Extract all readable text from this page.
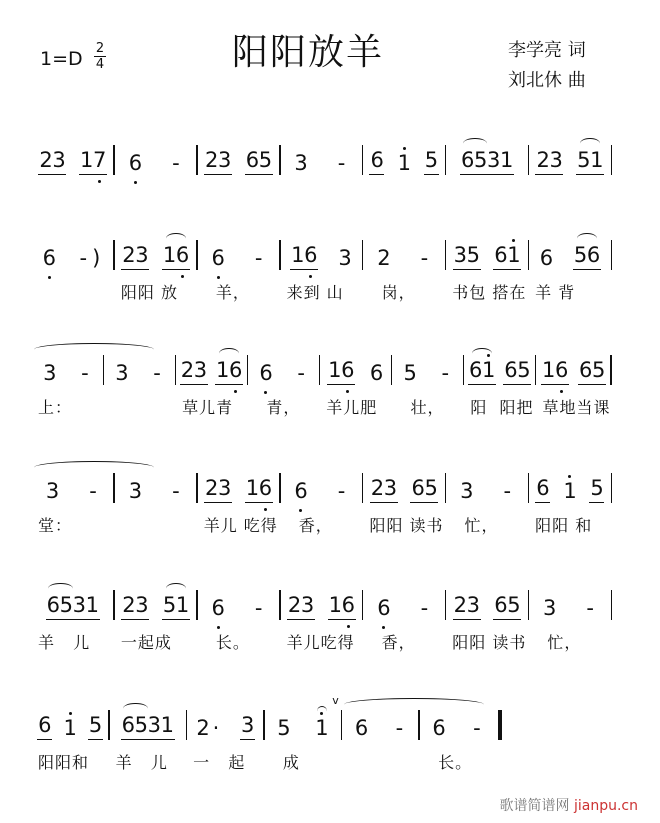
1=D 2
4	阳阳放羊	李学亮 词
刘北休 曲
2 3 1 7 6 - 2 3 6 5 3 - 6 1 5 6 5 3 1 2 3 5 1
6 - ) 2 3 1 6
阳阳 放
6 -
羊，
1 6 3
来到 山
2 -
岗，
3 5 6 1
书包 搭在
6 5 6
羊 背
3 -
上：
3 - 2 3 1 6
草儿青
6 -
青，
1 6 6
羊儿肥
5 -
壮，
6 1 6 5
阳  阳把
1 6 6 5
草地当课
3 -
堂：
3 - 2 3 1 6
羊儿 吃得
6 -
香，
2 3 6 5
阳阳 读书
3 -
忙，
6 1 5
阳阳 和
6 5 3 1
羊   儿
2 3 5 1
一起成
6 -
长。
2 3 1 6
羊儿吃得
6 -
香，
2 3 6 5
阳阳 读书
3 -
忙，
6 1 5
阳阳和
6 5 3 1
羊   儿
2 · 3
一   起
5 1
v
成
6 - 6 -
长。
歌谱简谱网 jianpu.cn
